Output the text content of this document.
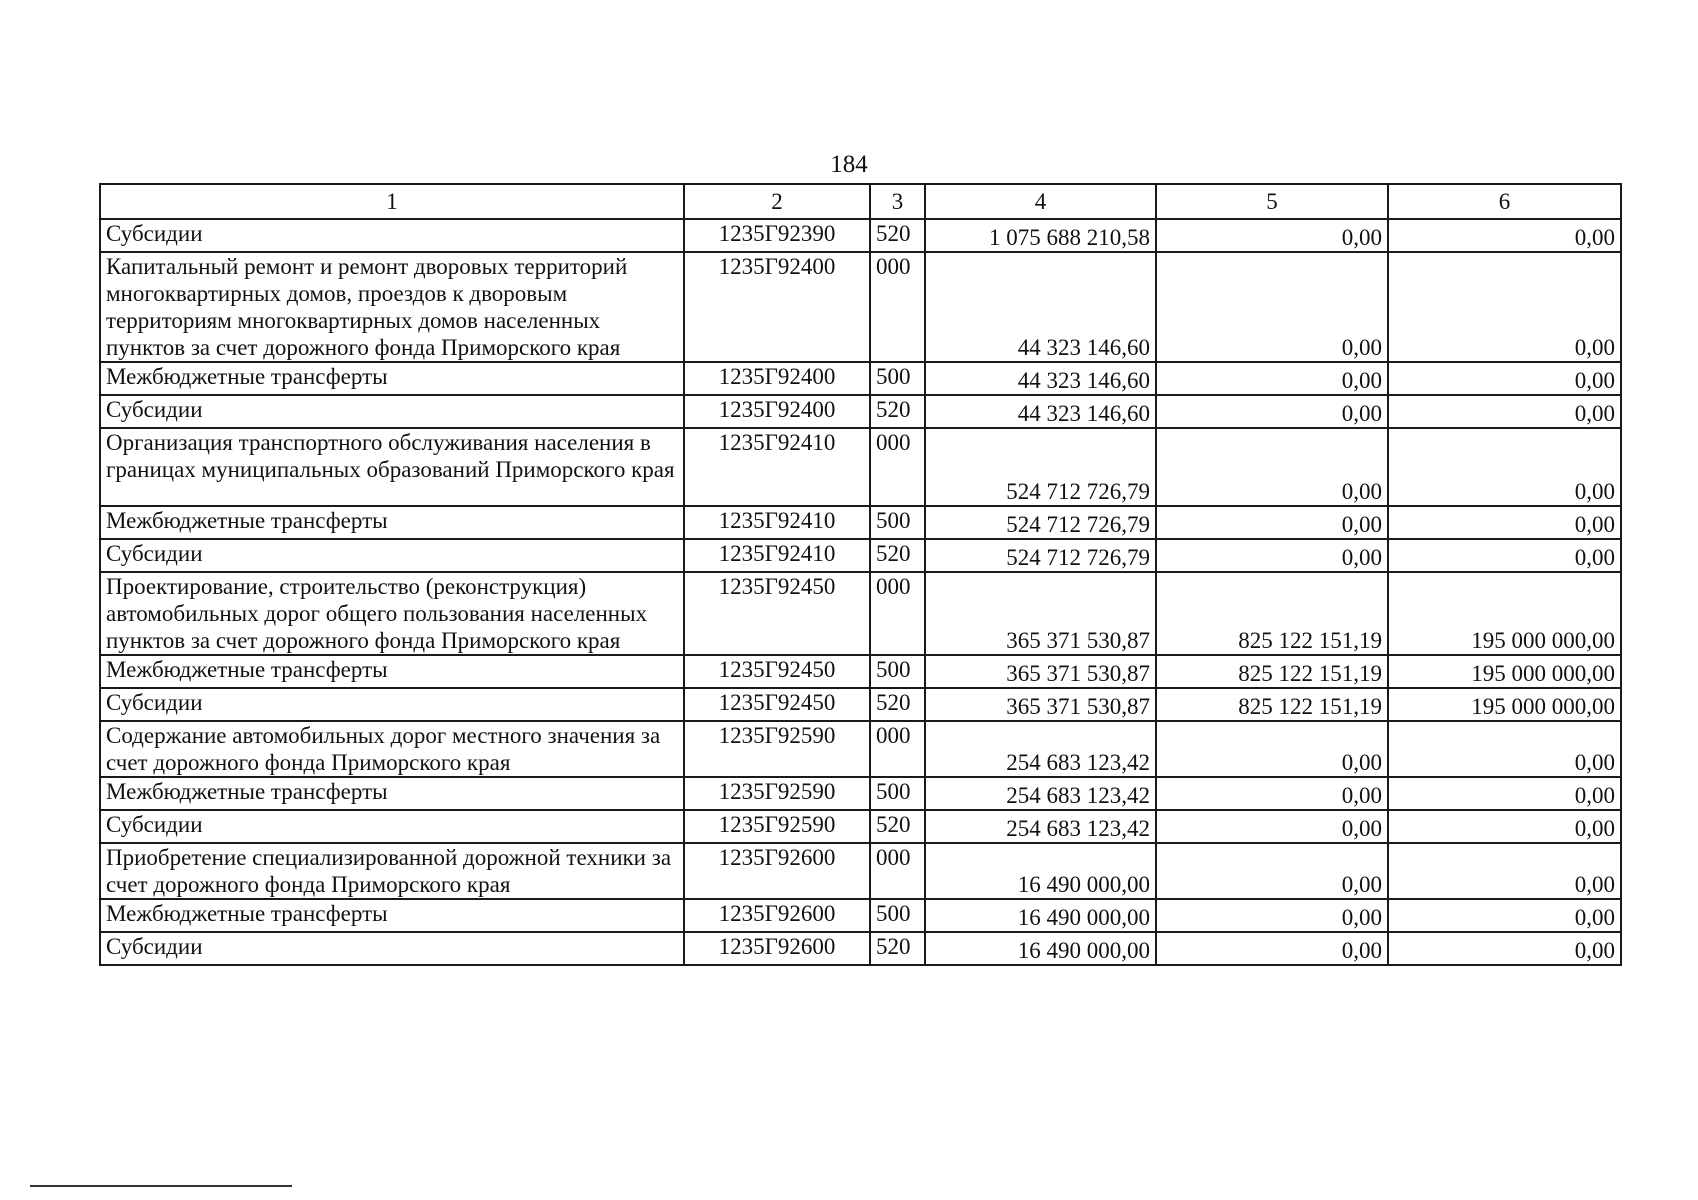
184
1	2	3	4	5	6
Субсидии	1235Г92390	520	1 075 688 210,58	0,00	0,00
Капитальный ремонт и ремонт дворовых территорий многоквартирных домов, проездов к дворовым территориям многоквартирных домов населенных пунктов за счет дорожного фонда Приморского края	1235Г92400	000	44 323 146,60	0,00	0,00
Межбюджетные трансферты	1235Г92400	500	44 323 146,60	0,00	0,00
Субсидии	1235Г92400	520	44 323 146,60	0,00	0,00
Организация транспортного обслуживания населения в границах муниципальных образований Приморского края	1235Г92410	000	524 712 726,79	0,00	0,00
Межбюджетные трансферты	1235Г92410	500	524 712 726,79	0,00	0,00
Субсидии	1235Г92410	520	524 712 726,79	0,00	0,00
Проектирование, строительство (реконструкция) автомобильных дорог общего пользования населенных пунктов за счет дорожного фонда Приморского края	1235Г92450	000	365 371 530,87	825 122 151,19	195 000 000,00
Межбюджетные трансферты	1235Г92450	500	365 371 530,87	825 122 151,19	195 000 000,00
Субсидии	1235Г92450	520	365 371 530,87	825 122 151,19	195 000 000,00
Содержание автомобильных дорог местного значения за счет дорожного фонда Приморского края	1235Г92590	000	254 683 123,42	0,00	0,00
Межбюджетные трансферты	1235Г92590	500	254 683 123,42	0,00	0,00
Субсидии	1235Г92590	520	254 683 123,42	0,00	0,00
Приобретение специализированной дорожной техники за счет дорожного фонда Приморского края	1235Г92600	000	16 490 000,00	0,00	0,00
Межбюджетные трансферты	1235Г92600	500	16 490 000,00	0,00	0,00
Субсидии	1235Г92600	520	16 490 000,00	0,00	0,00
